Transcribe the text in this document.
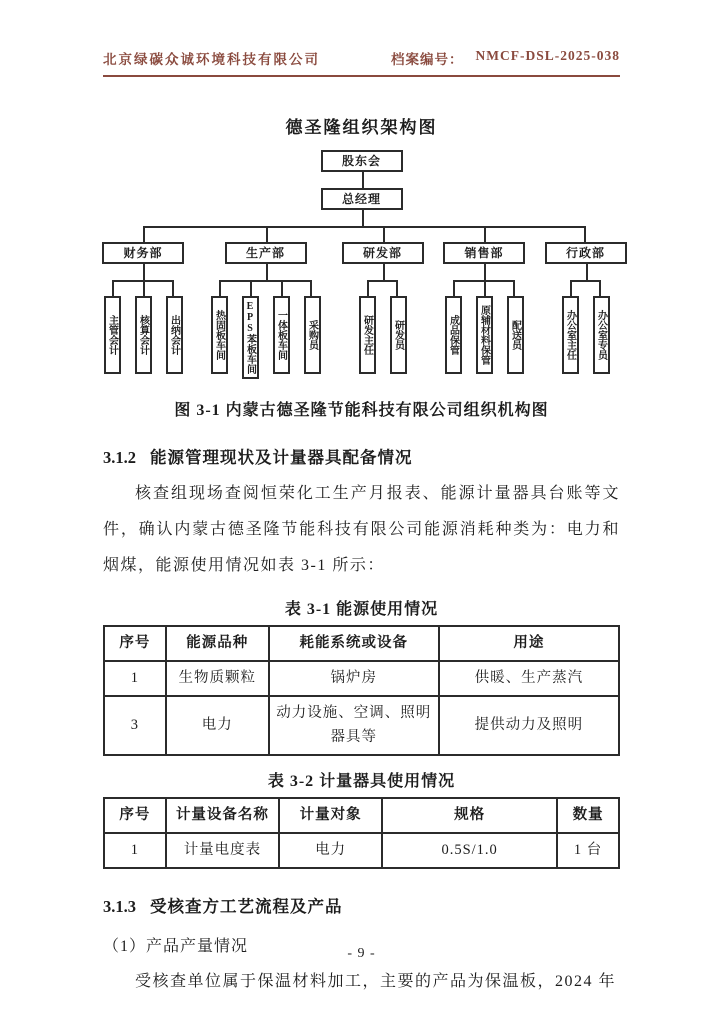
北京绿碳众诚环境科技有限公司	档案编号： NMCF-DSL-2025-038
德圣隆组织架构图
股东会
总经理
财务部
主管会计	核算会计	出纳会计
生产部
热固板车间	EPS苯板车间	一体板车间	采购员
研发部
研发主任	研发员
销售部
成品保管	原辅材料保管	配送员
行政部
办公室主任	办公室专员
图 3-1 内蒙古德圣隆节能科技有限公司组织机构图
3.1.2 能源管理现状及计量器具配备情况
核查组现场查阅恒荣化工生产月报表、能源计量器具台账等文件，确认内蒙古德圣隆节能科技有限公司能源消耗种类为：电力和烟煤，能源使用情况如表 3-1 所示：
表 3-1 能源使用情况
序号	能源品种	耗能系统或设备	用途
1	生物质颗粒	锅炉房	供暖、生产蒸汽
3	电力	动力设施、空调、照明器具等	提供动力及照明
表 3-2 计量器具使用情况
序号	计量设备名称	计量对象	规格	数量
1	计量电度表	电力	0.5S/1.0	1 台
3.1.3 受核查方工艺流程及产品
（1）产品产量情况
受核查单位属于保温材料加工，主要的产品为保温板，2024 年
- 9 -
